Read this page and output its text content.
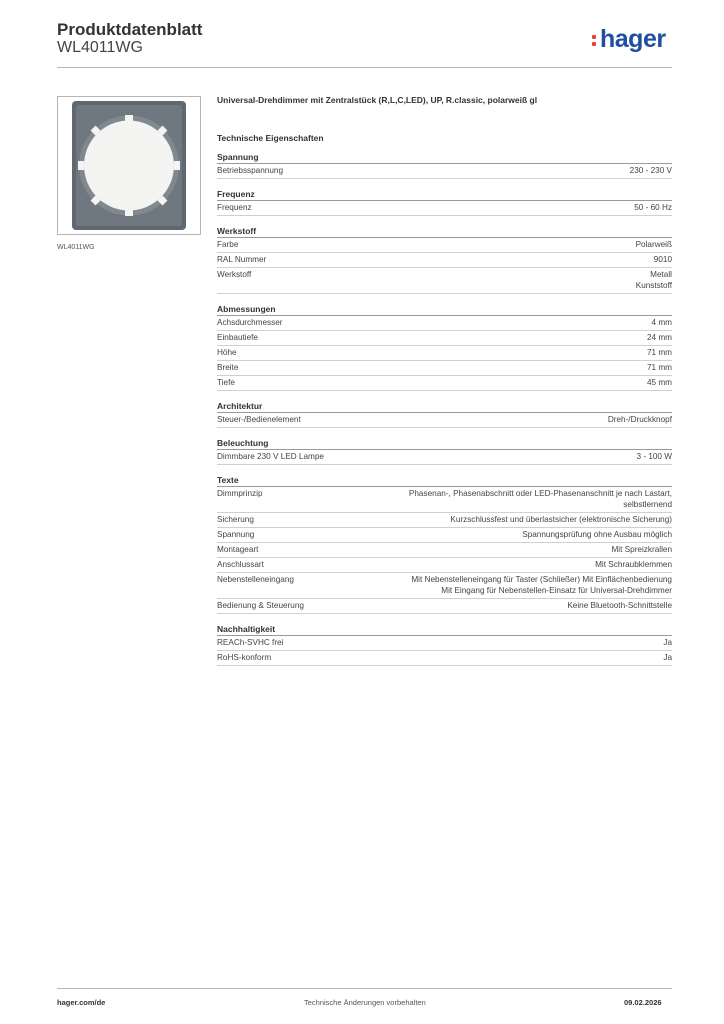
Produktdatenblatt
WL4011WG	hager
WL4011WG
Universal-Drehdimmer mit Zentralstück (R,L,C,LED), UP, R.classic, polarweiß gl
Technische Eigenschaften
Spannung
Betriebsspannung	230 - 230 V
Frequenz
Frequenz	50 - 60 Hz
Werkstoff
Farbe	Polarweiß
RAL Nummer	9010
Werkstoff	Metall
Kunststoff
Abmessungen
Achsdurchmesser	4 mm
Einbautiefe	24 mm
Höhe	71 mm
Breite	71 mm
Tiefe	45 mm
Architektur
Steuer-/Bedienelement	Dreh-/Druckknopf
Beleuchtung
Dimmbare 230 V LED Lampe	3 - 100 W
Texte
Dimmprinzip	Phasenan-, Phasenabschnitt oder LED-Phasenanschnitt je nach Lastart,
selbstlernend
Sicherung	Kurzschlussfest und überlastsicher (elektronische Sicherung)
Spannung	Spannungsprüfung ohne Ausbau möglich
Montageart	Mit Spreizkrallen
Anschlussart	Mit Schraubklemmen
Nebenstelleneingang	Mit Nebenstelleneingang für Taster (Schließer) Mit Einflächenbedienung
Mit Eingang für Nebenstellen-Einsatz für Universal-Drehdimmer
Bedienung & Steuerung	Keine Bluetooth-Schnittstelle
Nachhaltigkeit
REACh-SVHC frei	Ja
RoHS-konform	Ja
hager.com/de	Technische Änderungen vorbehalten	09.02.2026
